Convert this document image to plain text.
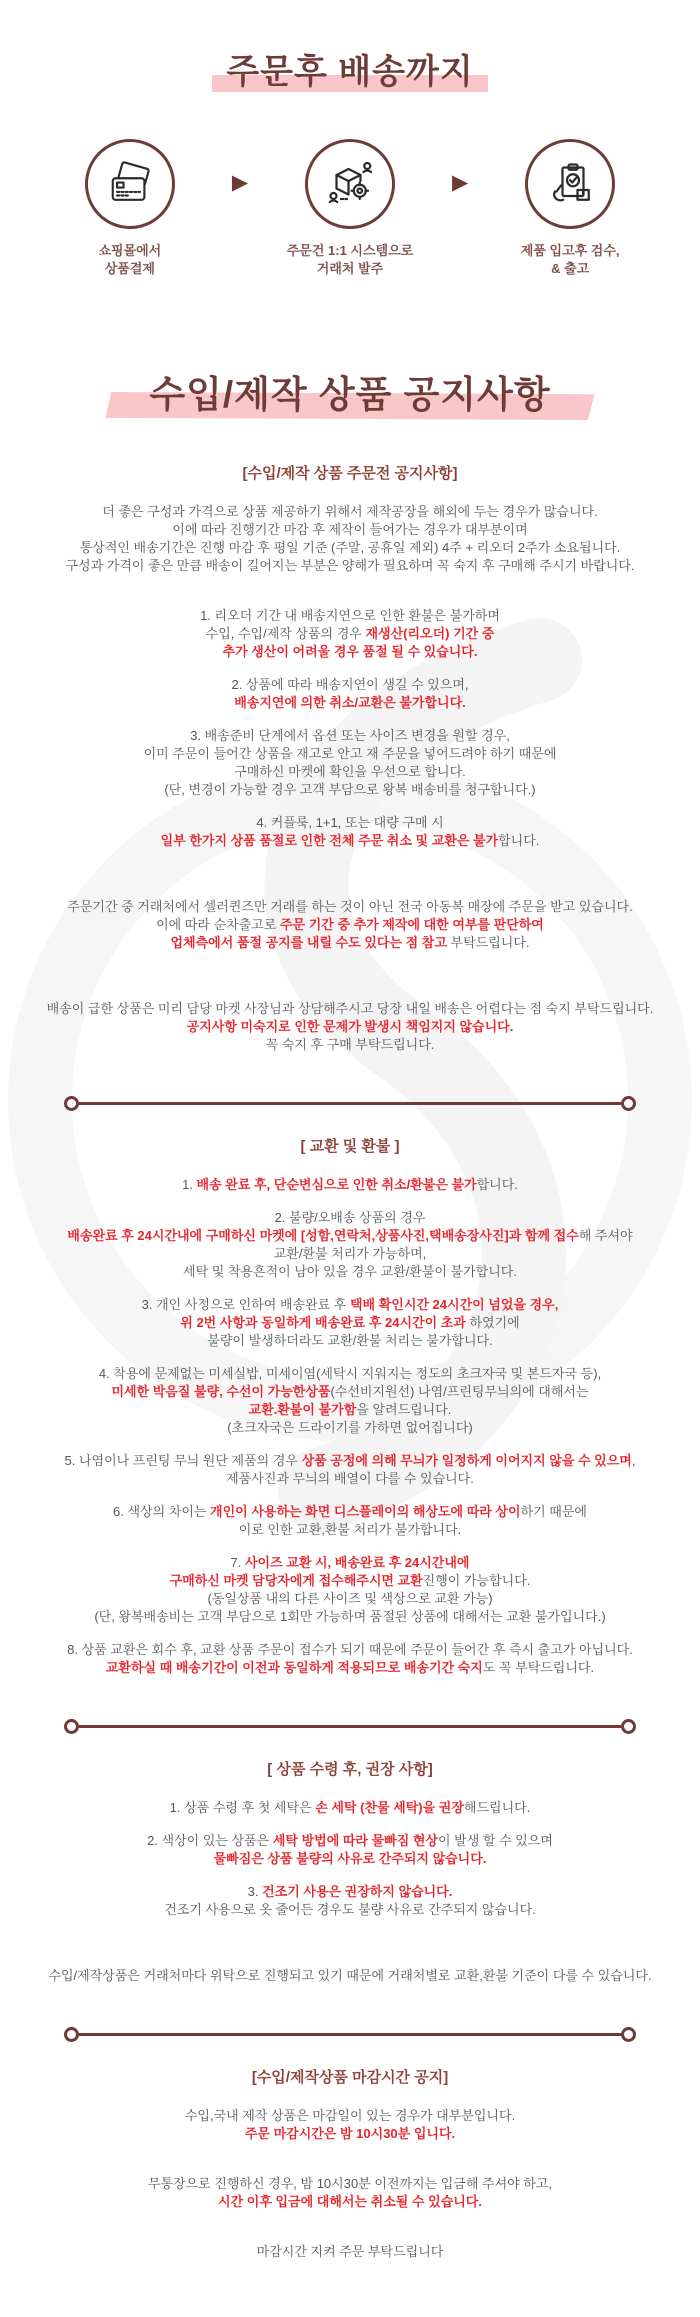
주문후 배송까지
쇼핑몰에서
상품결제
▶
주문건 1:1 시스템으로
거래처 발주
▶
제품 입고후 검수,
& 출고
수입/제작 상품 공지사항
[수입/제작 상품 주문전 공지사항]
더 좋은 구성과 가격으로 상품 제공하기 위해서 제작공장을 해외에 두는 경우가 많습니다.
이에 따라 진행기간 마감 후 제작이 들어가는 경우가 대부분이며
통상적인 배송기간은 진행 마감 후 평일 기준 (주말, 공휴일 제외) 4주 + 리오더 2주가 소요됩니다.
구성과 가격이 좋은 만큼 배송이 길어지는 부분은 양해가 필요하며 꼭 숙지 후 구매해 주시기 바랍니다.
1. 리오더 기간 내 배송지연으로 인한 환불은 불가하며
수입, 수입/제작 상품의 경우 재생산(리오더) 기간 중
추가 생산이 어려울 경우 품절 될 수 있습니다.
2. 상품에 따라 배송지연이 생길 수 있으며,
배송지연에 의한 취소/교환은 불가합니다.
3. 배송준비 단계에서 옵션 또는 사이즈 변경을 원할 경우,
이미 주문이 들어간 상품을 재고로 안고 재 주문을 넣어드려야 하기 때문에
구매하신 마켓에 확인을 우선으로 합니다.
(단, 변경이 가능할 경우 고객 부담으로 왕복 배송비를 청구합니다.)
4. 커플룩, 1+1, 또는 대량 구매 시
일부 한가지 상품 품절로 인한 전체 주문 취소 및 교환은 불가합니다.
주문기간 중 거래처에서 셀러퀸즈만 거래를 하는 것이 아닌 전국 아동복 매장에 주문을 받고 있습니다.
이에 따라 순차출고로 주문 기간 중 추가 제작에 대한 여부를 판단하여
업체측에서 품절 공지를 내릴 수도 있다는 점 참고 부탁드립니다.
배송이 급한 상품은 미리 담당 마켓 사장님과 상담해주시고 당장 내일 배송은 어렵다는 점 숙지 부탁드립니다.
공지사항 미숙지로 인한 문제가 발생시 책임지지 않습니다.
꼭 숙지 후 구매 부탁드립니다.
[ 교환 및 환불 ]
1. 배송 완료 후, 단순변심으로 인한 취소/환불은 불가합니다.
2. 불량/오배송 상품의 경우
배송완료 후 24시간내에 구매하신 마켓에 [성함,연락처,상품사진,택배송장사진]과 함께 접수해 주셔야
교환/환불 처리가 가능하며,
세탁 및 착용흔적이 남아 있을 경우 교환/환불이 불가합니다.
3. 개인 사정으로 인하여 배송완료 후 택배 확인시간 24시간이 넘었을 경우,
위 2번 사항과 동일하게 배송완료 후 24시간이 초과 하였기에
불량이 발생하더라도 교환/환불 처리는 불가합니다.
4. 착용에 문제없는 미세실밥, 미세이염(세탁시 지워지는 정도의 초크자국 및 본드자국 등),
미세한 박음질 불량, 수선이 가능한상품(수선비지원선) 나염/프린팅무늬의에 대해서는
교환.환불이 불가함을 알려드립니다.
(초크자국은 드라이기를 가하면 없어집니다)
5. 나염이나 프린팅 무늬 원단 제품의 경우 상품 공정에 의해 무늬가 일정하게 이어지지 않을 수 있으며,
제품사진과 무늬의 배열이 다를 수 있습니다.
6. 색상의 차이는 개인이 사용하는 화면 디스플레이의 해상도에 따라 상이하기 때문에
이로 인한 교환,환불 처리가 불가합니다.
7. 사이즈 교환 시, 배송완료 후 24시간내에
구매하신 마켓 담당자에게 접수해주시면 교환진행이 가능합니다.
(동일상품 내의 다른 사이즈 및 색상으로 교환 가능)
(단, 왕복배송비는 고객 부담으로 1회만 가능하며 품절된 상품에 대해서는 교환 불가입니다.)
8. 상품 교환은 회수 후, 교환 상품 주문이 접수가 되기 때문에 주문이 들어간 후 즉시 출고가 아닙니다.
교환하실 때 배송기간이 이전과 동일하게 적용되므로 배송기간 숙지도 꼭 부탁드립니다.
[ 상품 수령 후, 권장 사항]
1. 상품 수령 후 첫 세탁은 손 세탁 (찬물 세탁)을 권장해드립니다.
2. 색상이 있는 상품은 세탁 방법에 따라 물빠짐 현상이 발생 할 수 있으며
물빠짐은 상품 불량의 사유로 간주되지 않습니다.
3. 건조기 사용은 권장하지 않습니다.
건조기 사용으로 옷 줄어든 경우도 불량 사유로 간주되지 않습니다.
수입/제작상품은 거래처마다 위탁으로 진행되고 있기 때문에 거래처별로 교환,환불 기준이 다를 수 있습니다.
[수입/제작상품 마감시간 공지]
수입,국내 제작 상품은 마감일이 있는 경우가 대부분입니다.
주문 마감시간은 밤 10시30분 입니다.
무통장으로 진행하신 경우, 밤 10시30분 이전까지는 입금해 주셔야 하고,
시간 이후 입금에 대해서는 취소될 수 있습니다.
마감시간 지켜 주문 부탁드립니다
